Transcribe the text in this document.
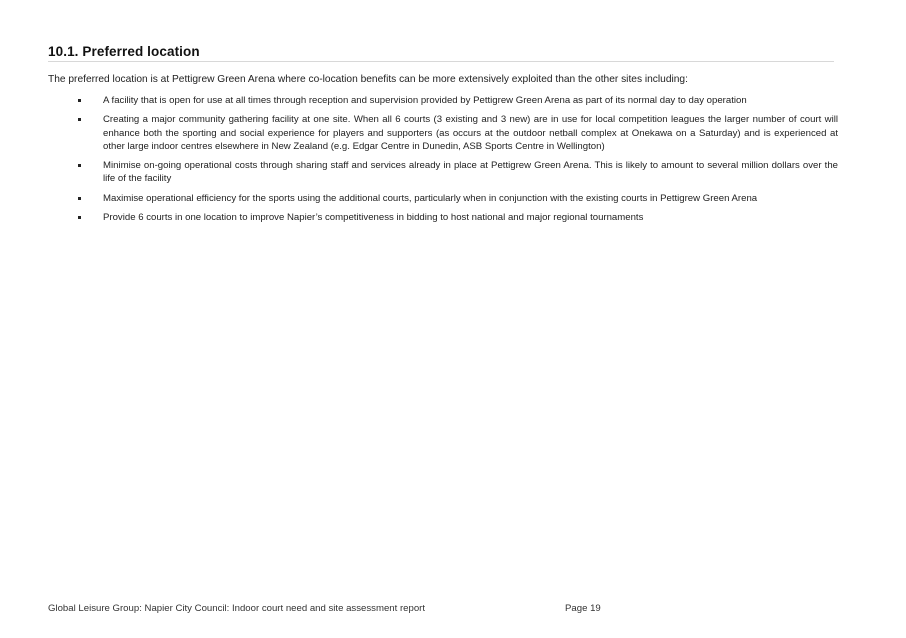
10.1. Preferred location
The preferred location is at Pettigrew Green Arena where co-location benefits can be more extensively exploited than the other sites including:
A facility that is open for use at all times through reception and supervision provided by Pettigrew Green Arena as part of its normal day to day operation
Creating a major community gathering facility at one site. When all 6 courts (3 existing and 3 new) are in use for local competition leagues the larger number of court will enhance both the sporting and social experience for players and supporters (as occurs at the outdoor netball complex at Onekawa on a Saturday) and is experienced at other large indoor centres elsewhere in New Zealand (e.g. Edgar Centre in Dunedin, ASB Sports Centre in Wellington)
Minimise on-going operational costs through sharing staff and services already in place at Pettigrew Green Arena. This is likely to amount to several million dollars over the life of the facility
Maximise operational efficiency for the sports using the additional courts, particularly when in conjunction with the existing courts in Pettigrew Green Arena
Provide 6 courts in one location to improve Napier’s competitiveness in bidding to host national and major regional tournaments
Global Leisure Group: Napier City Council: Indoor court need and site assessment report	Page 19
